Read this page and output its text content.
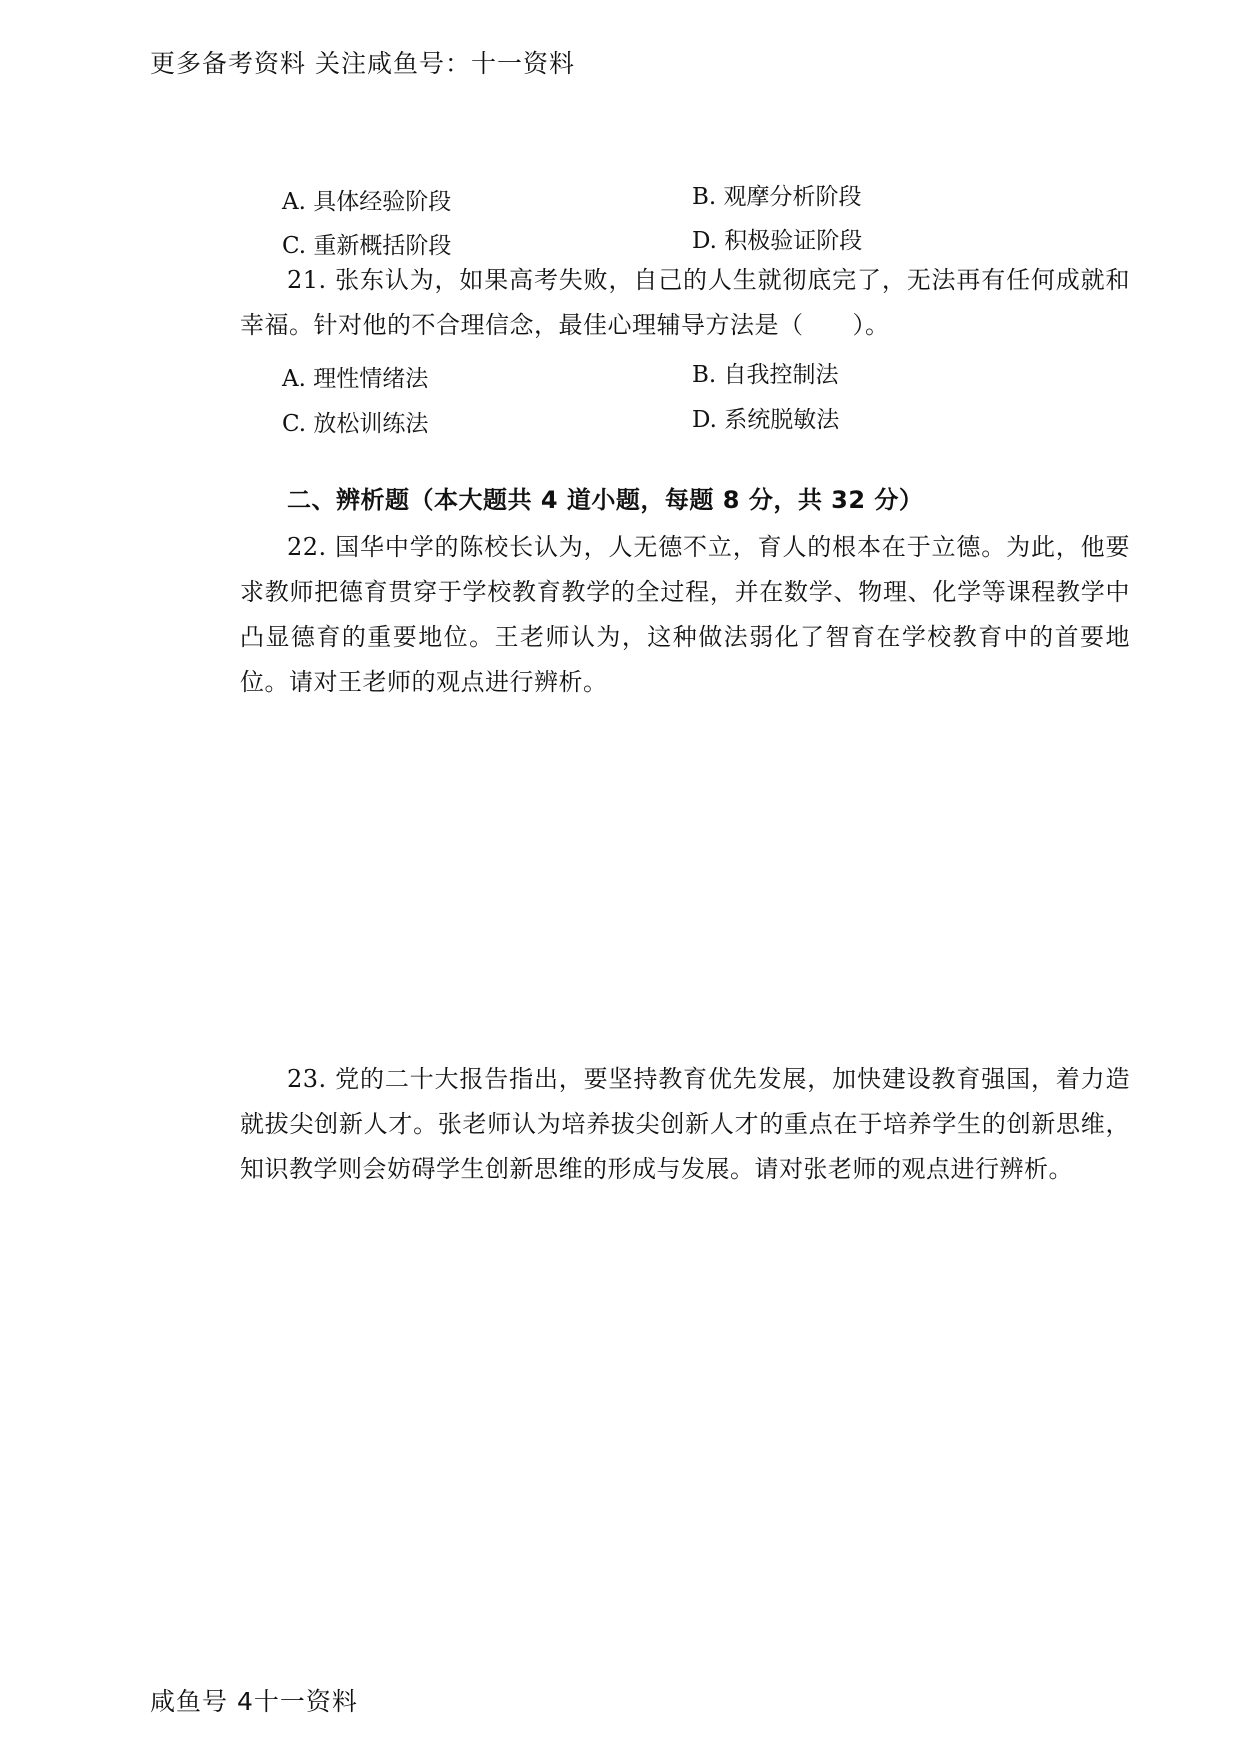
更多备考资料 关注咸鱼号：十一资料
A. 具体经验阶段	B. 观摩分析阶段
C. 重新概括阶段	D. 积极验证阶段
21. 张东认为，如果高考失败，自己的人生就彻底完了，无法再有任何成就和幸福。针对他的不合理信念，最佳心理辅导方法是（　　）。
A. 理性情绪法	B. 自我控制法
C. 放松训练法	D. 系统脱敏法
二、辨析题（本大题共 4 道小题，每题 8 分，共 32 分）
22. 国华中学的陈校长认为，人无德不立，育人的根本在于立德。为此，他要求教师把德育贯穿于学校教育教学的全过程，并在数学、物理、化学等课程教学中凸显德育的重要地位。王老师认为，这种做法弱化了智育在学校教育中的首要地位。请对王老师的观点进行辨析。
23. 党的二十大报告指出，要坚持教育优先发展，加快建设教育强国，着力造就拔尖创新人才。张老师认为培养拔尖创新人才的重点在于培养学生的创新思维，知识教学则会妨碍学生创新思维的形成与发展。请对张老师的观点进行辨析。
咸鱼号 4十一资料
